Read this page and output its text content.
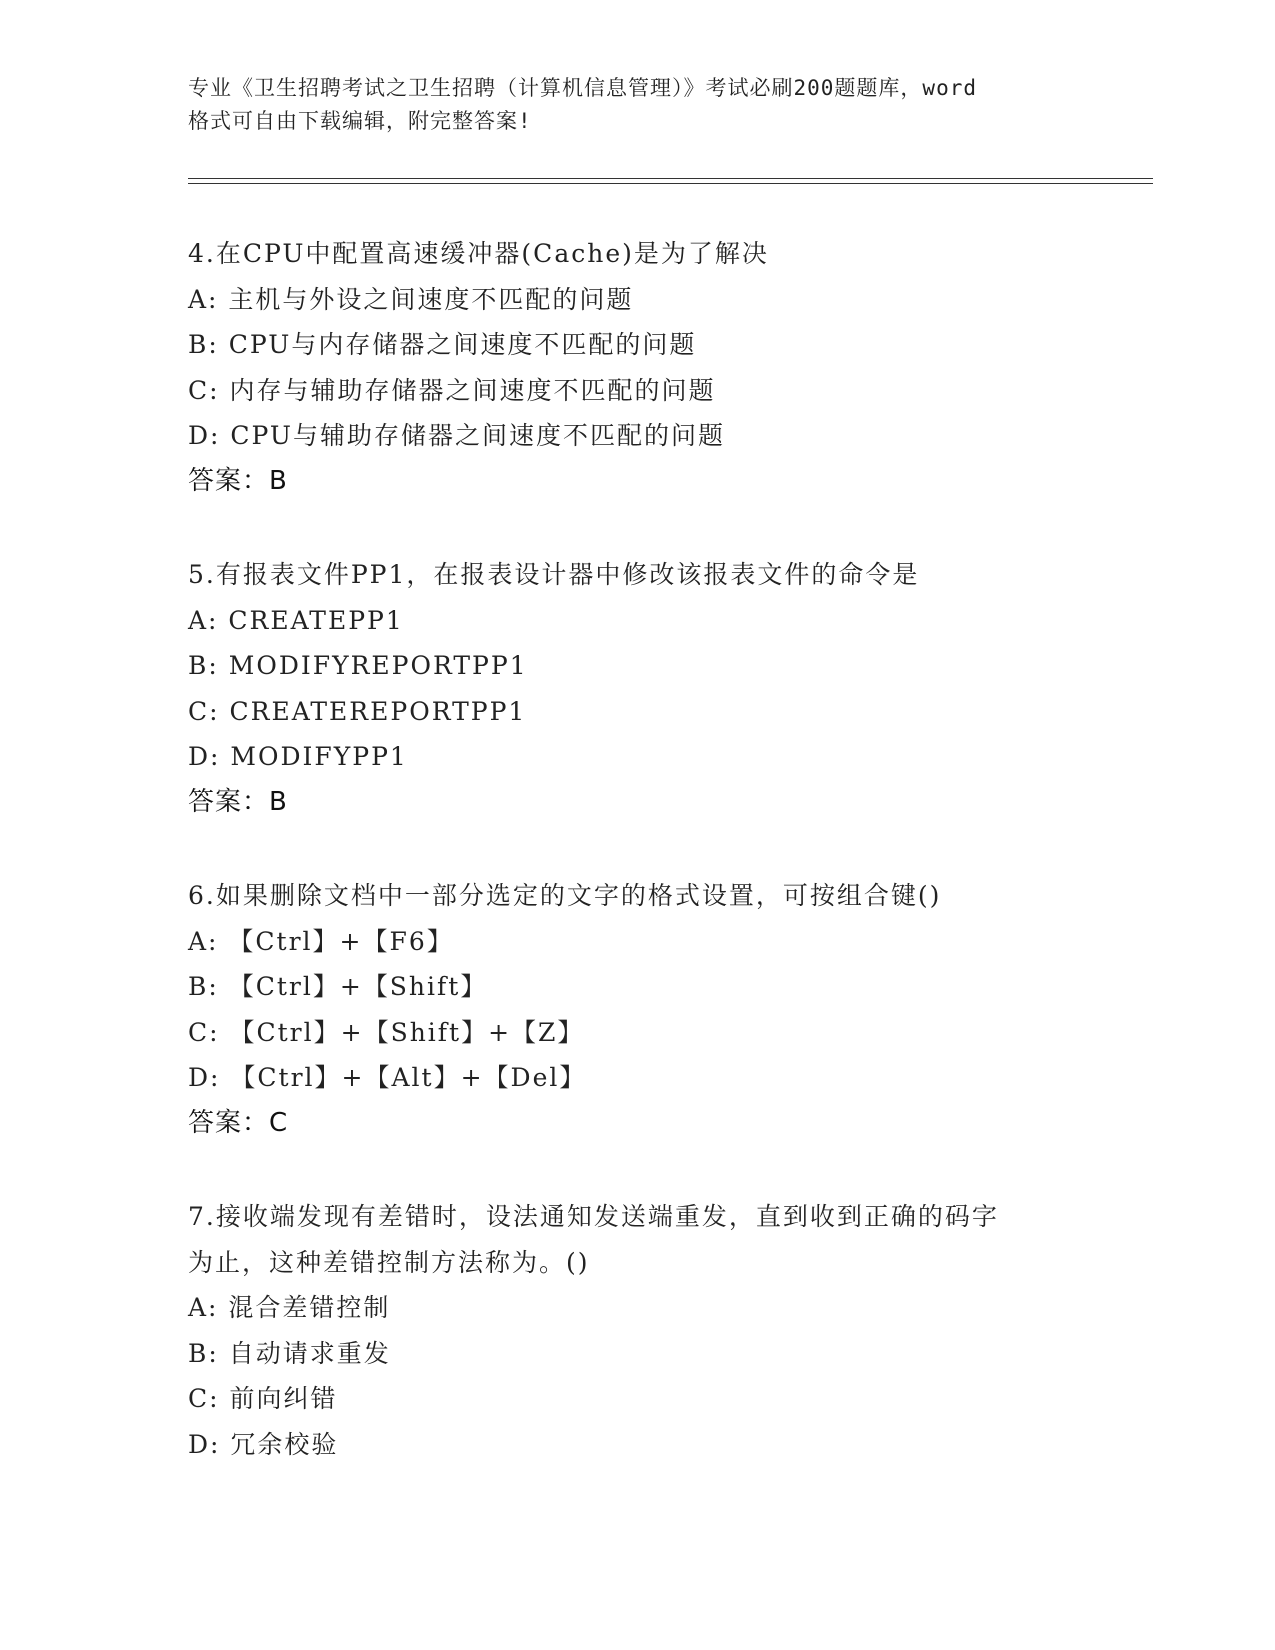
专业《卫生招聘考试之卫生招聘（计算机信息管理）》考试必刷200题题库，word
格式可自由下载编辑，附完整答案!
4.在CPU中配置高速缓冲器(Cache)是为了解决
A: 主机与外设之间速度不匹配的问题
B: CPU与内存储器之间速度不匹配的问题
C: 内存与辅助存储器之间速度不匹配的问题
D: CPU与辅助存储器之间速度不匹配的问题
答案：B
5.有报表文件PP1，在报表设计器中修改该报表文件的命令是
A: CREATEPP1
B: MODIFYREPORTPP1
C: CREATEREPORTPP1
D: MODIFYPP1
答案：B
6.如果删除文档中一部分选定的文字的格式设置，可按组合键()
A: 【Ctrl】+【F6】
B: 【Ctrl】+【Shift】
C: 【Ctrl】+【Shift】+【Z】
D: 【Ctrl】+【Alt】+【Del】
答案：C
7.接收端发现有差错时，设法通知发送端重发，直到收到正确的码字
为止，这种差错控制方法称为。()
A: 混合差错控制
B: 自动请求重发
C: 前向纠错
D: 冗余校验
